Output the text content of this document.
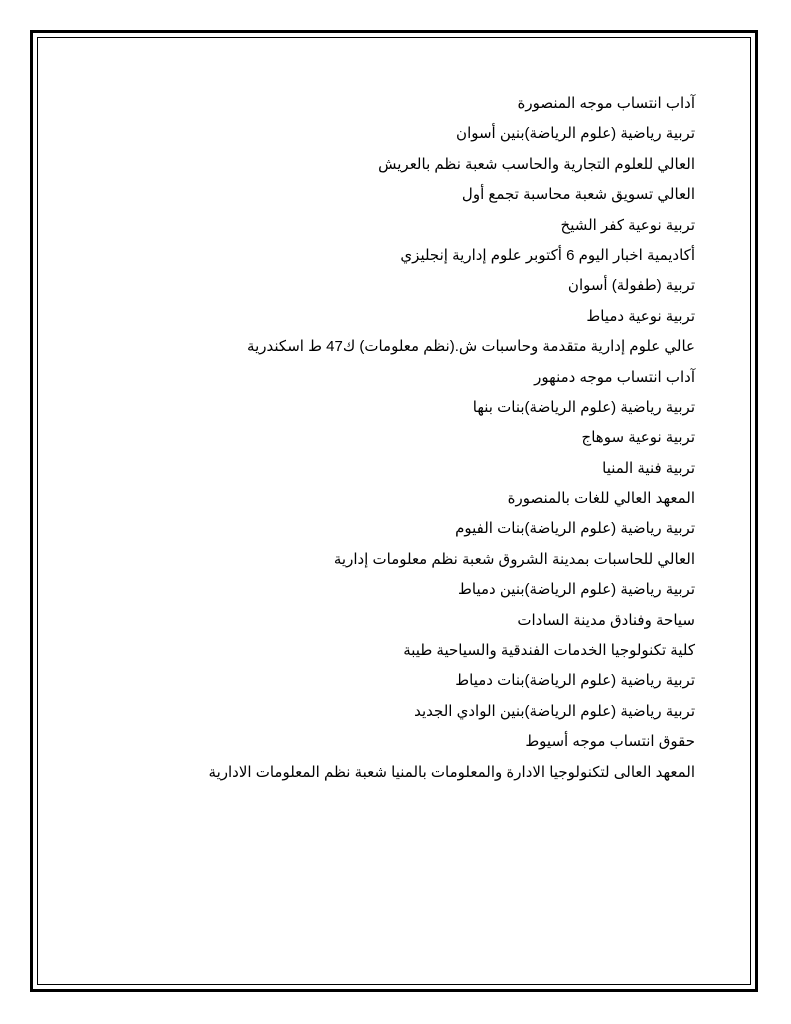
آداب انتساب موجه المنصورة
تربية رياضية (علوم الرياضة)بنين أسوان
العالي للعلوم التجارية والحاسب شعبة نظم بالعريش
العالي تسويق شعبة محاسبة تجمع أول
تربية نوعية كفر الشيخ
أكاديمية اخبار اليوم 6 أكتوبر علوم إدارية إنجليزي
تربية (طفولة) أسوان
تربية نوعية دمياط
عالي علوم إدارية متقدمة وحاسبات ش.(نظم معلومات) ك47 ط اسكندرية
آداب انتساب موجه دمنهور
تربية رياضية (علوم الرياضة)بنات بنها
تربية نوعية سوهاج
تربية فنية المنيا
المعهد العالي للغات بالمنصورة
تربية رياضية (علوم الرياضة)بنات الفيوم
العالي للحاسبات بمدينة الشروق شعبة نظم معلومات إدارية
تربية رياضية (علوم الرياضة)بنين دمياط
سياحة وفنادق مدينة السادات
كلية تكنولوجيا الخدمات الفندقية والسياحية طيبة
تربية رياضية (علوم الرياضة)بنات دمياط
تربية رياضية (علوم الرياضة)بنين الوادي الجديد
حقوق انتساب موجه أسيوط
المعهد العالى لتكنولوجيا الادارة والمعلومات بالمنيا شعبة نظم المعلومات الادارية
